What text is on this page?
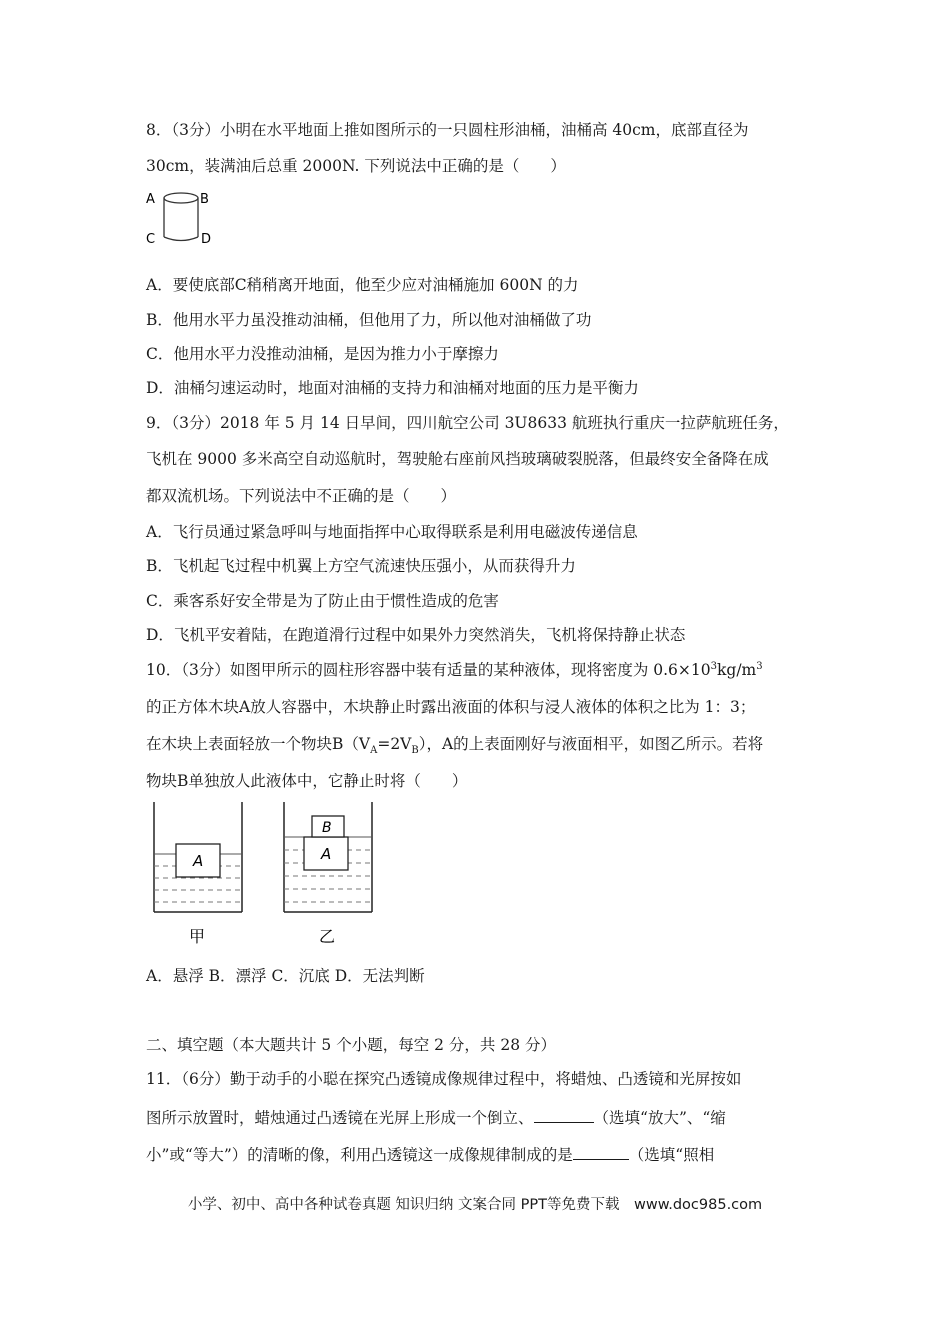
8．（3分）小明在水平地面上推如图所示的一只圆柱形油桶，油桶高 40cm，底部直径为
30cm，装满油后总重 2000N. 下列说法中正确的是（　　）
A	B
C	D
A．要使底部C稍稍离开地面，他至少应对油桶施加 600N 的力
B．他用水平力虽没推动油桶，但他用了力，所以他对油桶做了功
C．他用水平力没推动油桶，是因为推力小于摩擦力
D．油桶匀速运动时，地面对油桶的支持力和油桶对地面的压力是平衡力
9．（3分）2018 年 5 月 14 日早间，四川航空公司 3U8633 航班执行重庆一拉萨航班任务，
飞机在 9000 多米高空自动巡航时，驾驶舱右座前风挡玻璃破裂脱落，但最终安全备降在成
都双流机场。下列说法中不正确的是（　　）
A．飞行员通过紧急呼叫与地面指挥中心取得联系是利用电磁波传递信息
B．飞机起飞过程中机翼上方空气流速快压强小，从而获得升力
C．乘客系好安全带是为了防止由于惯性造成的危害
D．飞机平安着陆，在跑道滑行过程中如果外力突然消失，飞机将保持静止状态
10．（3分）如图甲所示的圆柱形容器中装有适量的某种液体，现将密度为 $0.6\times 10^3kg/m^3$
的正方体木块A放人容器中，木块静止时露出液面的体积与浸人液体的体积之比为 1：3；
在木块上表面轻放一个物块$B(V_A=2V_B)$，A的上表面刚好与液面相平，如图乙所示。若将
物块B单独放人此液体中，它静止时将（　　）
A	A
B
甲	乙
A．悬浮 B．漂浮 C．沉底 D．无法判断
二、填空题（本大题共计 5 个小题，每空 2 分，共 28 分）
11．（6分）勤于动手的小聪在探究凸透镜成像规律过程中，将蜡烛、凸透镜和光屏按如
图所示放置时，蜡烛通过凸透镜在光屏上形成一个倒立、	（选填“放大”、“缩
小”或“等大”）的清晰的像，利用凸透镜这一成像规律制成的是	（选填“照相
小学、初中、高中各种试卷真题 知识归纳 文案合同 PPT等免费下载　www.doc985.com
